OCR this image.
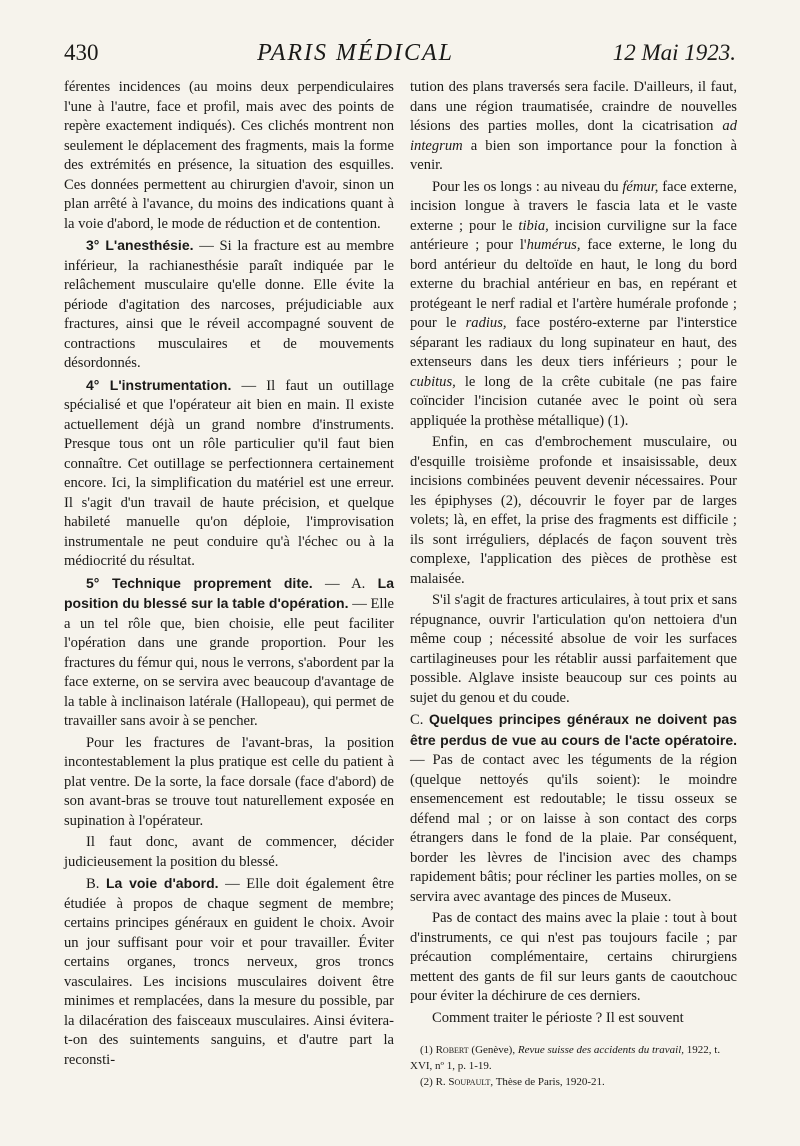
430	PARIS MÉDICAL	12 Mai 1923.

férentes incidences (au moins deux perpendiculaires l'une à l'autre, face et profil, mais avec des points de repère exactement indiqués). Ces clichés montrent non seulement le déplacement des fragments, mais la forme des extrémités en présence, la situation des esquilles. Ces données permettent au chirurgien d'avoir, sinon un plan arrêté à l'avance, du moins des indications quant à la voie d'abord, le mode de réduction et de contention.

3° L'anesthésie. — Si la fracture est au membre inférieur, la rachianesthésie paraît indiquée par le relâchement musculaire qu'elle donne. Elle évite la période d'agitation des narcoses, préjudiciable aux fractures, ainsi que le réveil accompagné souvent de contractions musculaires et de mouvements désordonnés.

4° L'instrumentation. — Il faut un outillage spécialisé et que l'opérateur ait bien en main. Il existe actuellement déjà un grand nombre d'instruments. Presque tous ont un rôle particulier qu'il faut bien connaître. Cet outillage se perfectionnera certainement encore. Ici, la simplification du matériel est une erreur. Il s'agit d'un travail de haute précision, et quelque habileté manuelle qu'on déploie, l'improvisation instrumentale ne peut conduire qu'à l'échec ou à la médiocrité du résultat.

5° Technique proprement dite. — A. La position du blessé sur la table d'opération. — Elle a un tel rôle que, bien choisie, elle peut faciliter l'opération dans une grande proportion. Pour les fractures du fémur qui, nous le verrons, s'abordent par la face externe, on se servira avec beaucoup d'avantage de la table à inclinaison latérale (Hallopeau), qui permet de travailler sans avoir à se pencher.

Pour les fractures de l'avant-bras, la position incontestablement la plus pratique est celle du patient à plat ventre. De la sorte, la face dorsale (face d'abord) de son avant-bras se trouve tout naturellement exposée en supination à l'opérateur.

Il faut donc, avant de commencer, décider judicieusement la position du blessé.

B. La voie d'abord. — Elle doit également être étudiée à propos de chaque segment de membre; certains principes généraux en guident le choix. Avoir un jour suffisant pour voir et pour travailler. Éviter certains organes, troncs nerveux, gros troncs vasculaires. Les incisions musculaires doivent être minimes et remplacées, dans la mesure du possible, par la dilacération des faisceaux musculaires. Ainsi évitera-t-on des suintements sanguins, et d'autre part la reconsti-

tution des plans traversés sera facile. D'ailleurs, il faut, dans une région traumatisée, craindre de nouvelles lésions des parties molles, dont la cicatrisation ad integrum a bien son importance pour la fonction à venir.

Pour les os longs : au niveau du fémur, face externe, incision longue à travers le fascia lata et le vaste externe ; pour le tibia, incision curviligne sur la face antérieure ; pour l'humérus, face externe, le long du bord antérieur du deltoïde en haut, le long du bord externe du brachial antérieur en bas, en repérant et protégeant le nerf radial et l'artère humérale profonde ; pour le radius, face postéro-externe par l'interstice séparant les radiaux du long supinateur en haut, des extenseurs dans les deux tiers inférieurs ; pour le cubitus, le long de la crête cubitale (ne pas faire coïncider l'incision cutanée avec le point où sera appliquée la prothèse métallique) (1).

Enfin, en cas d'embrochement musculaire, ou d'esquille troisième profonde et insaisissable, deux incisions combinées peuvent devenir nécessaires. Pour les épiphyses (2), découvrir le foyer par de larges volets; là, en effet, la prise des fragments est difficile ; ils sont irréguliers, déplacés de façon souvent très complexe, l'application des pièces de prothèse est malaisée.

S'il s'agit de fractures articulaires, à tout prix et sans répugnance, ouvrir l'articulation qu'on nettoiera d'un même coup ; nécessité absolue de voir les surfaces cartilagineuses pour les rétablir aussi parfaitement que possible. Alglave insiste beaucoup sur ces points au sujet du genou et du coude.

C. Quelques principes généraux ne doivent pas être perdus de vue au cours de l'acte opératoire. — Pas de contact avec les téguments de la région (quelque nettoyés qu'ils soient): le moindre ensemencement est redoutable; le tissu osseux se défend mal ; or on laisse à son contact des corps étrangers dans le fond de la plaie. Par conséquent, border les lèvres de l'incision avec des champs rapidement bâtis; pour récliner les parties molles, on se servira avec avantage des pinces de Museux.

Pas de contact des mains avec la plaie : tout à bout d'instruments, ce qui n'est pas toujours facile ; par précaution complémentaire, certains chirurgiens mettent des gants de fil sur leurs gants de caoutchouc pour éviter la déchirure de ces derniers.

Comment traiter le périoste ? Il est souvent

(1) Robert (Genève), Revue suisse des accidents du travail, 1922, t. XVI, nº 1, p. 1-19.

(2) R. Soupault, Thèse de Paris, 1920-21.
